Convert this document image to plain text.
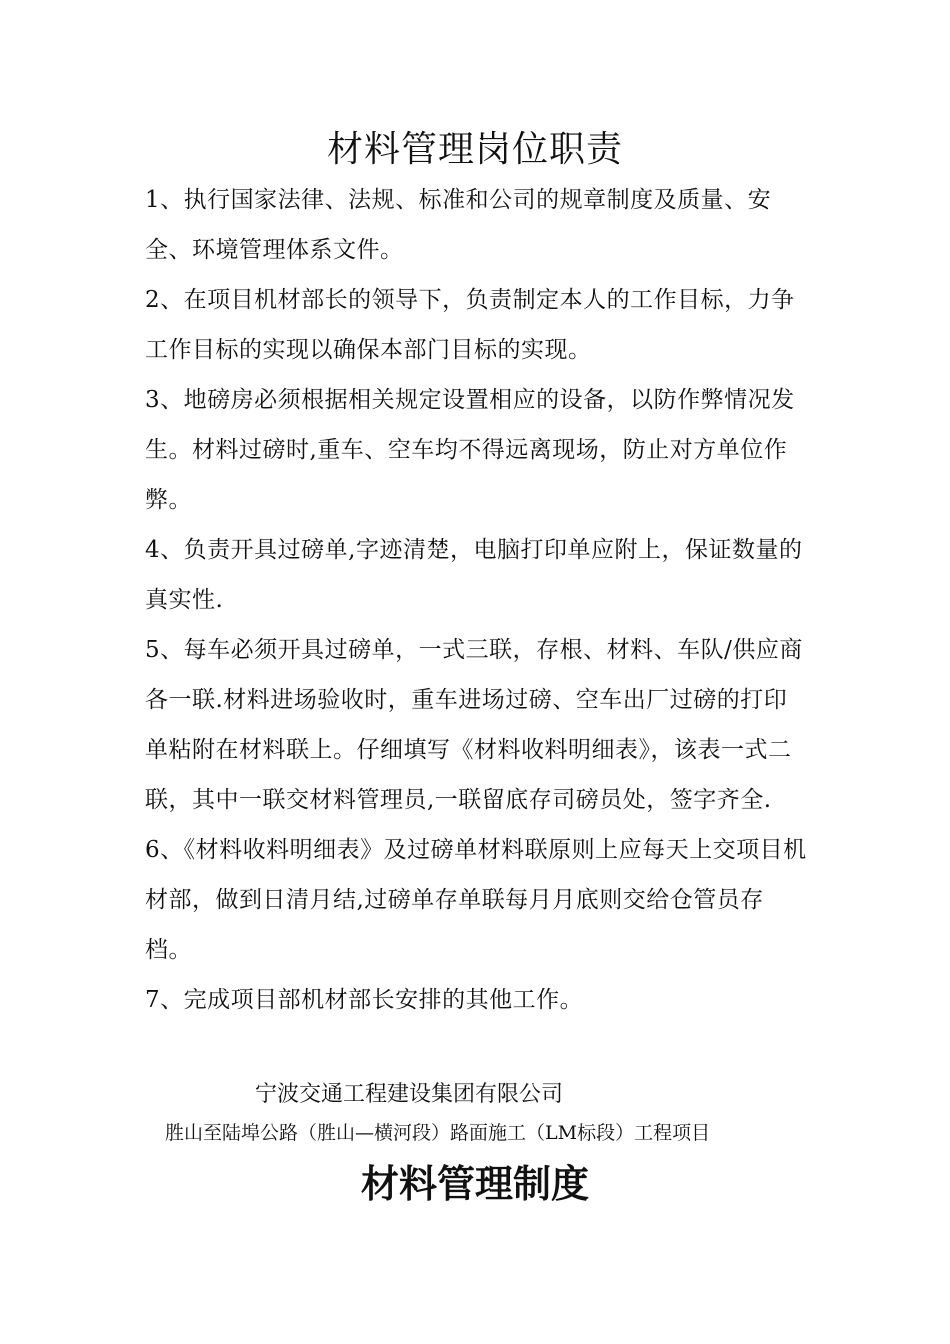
材料管理岗位职责

1、执行国家法律、法规、标准和公司的规章制度及质量、安全、环境管理体系文件。

2、在项目机材部长的领导下，负责制定本人的工作目标，力争工作目标的实现以确保本部门目标的实现。

3、地磅房必须根据相关规定设置相应的设备，以防作弊情况发生。材料过磅时,重车、空车均不得远离现场，防止对方单位作弊。

4、负责开具过磅单,字迹清楚，电脑打印单应附上，保证数量的真实性.

5、每车必须开具过磅单，一式三联，存根、材料、车队/供应商各一联.材料进场验收时，重车进场过磅、空车出厂过磅的打印单粘附在材料联上。仔细填写《材料收料明细表》，该表一式二联，其中一联交材料管理员,一联留底存司磅员处，签字齐全.

6、《材料收料明细表》及过磅单材料联原则上应每天上交项目机材部，做到日清月结,过磅单存单联每月月底则交给仓管员存档。

7、完成项目部机材部长安排的其他工作。

宁波交通工程建设集团有限公司
胜山至陆埠公路（胜山—横河段）路面施工（LM标段）工程项目
材料管理制度
